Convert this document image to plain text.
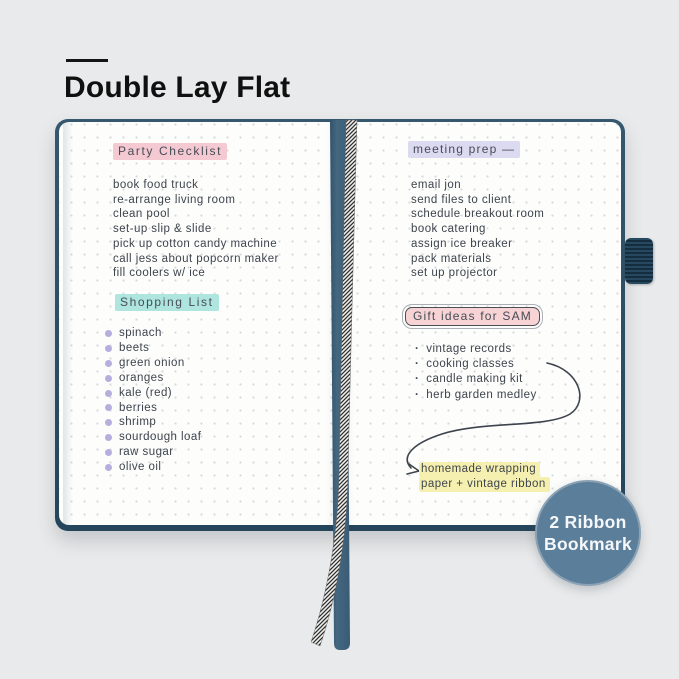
Double Lay Flat
Party Checklist
book food truck
re-arrange living room
clean pool
set-up slip & slide
pick up cotton candy machine
call jess about popcorn maker
fill coolers w/ ice
Shopping List
spinach
beets
green onion
oranges
kale (red)
berries
shrimp
sourdough loaf
raw sugar
olive oil
meeting prep —
email jon
send files to client
schedule breakout room
book catering
assign ice breaker
pack materials
set up projector
Gift ideas for SAM
· vintage records
· cooking classes
· candle making kit
· herb garden medley
homemade wrapping
paper + vintage ribbon
2 Ribbon
Bookmark
